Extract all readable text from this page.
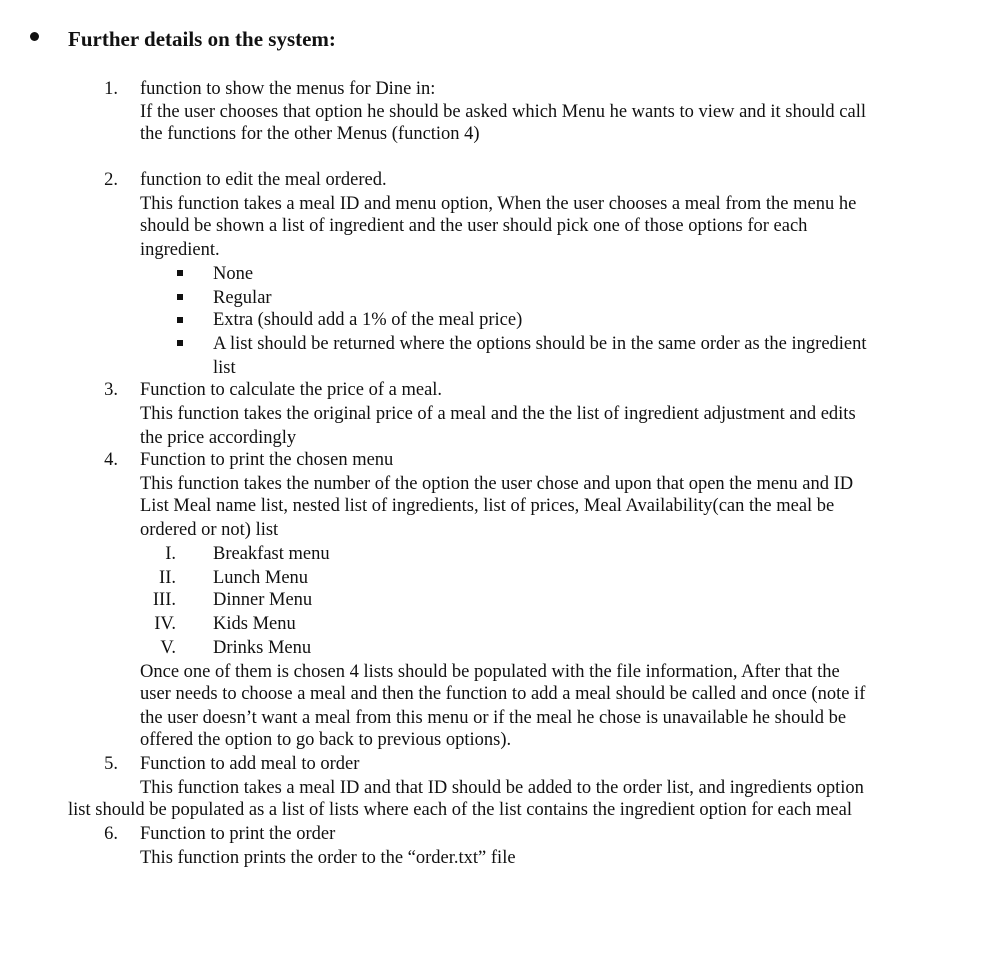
Further details on the system:
1. function to show the menus for Dine in:
If the user chooses that option he should be asked which Menu he wants to view and it should call
the functions for the other Menus (function 4)
2. function to edit the meal ordered.
This function takes a meal ID and menu option, When the user chooses a meal from the menu he
should be shown a list of ingredient and the user should pick one of those options for each
ingredient.
None
Regular
Extra (should add a 1% of the meal price)
A list should be returned where the options should be in the same order as the ingredient
list
3. Function to calculate the price of a meal.
This function takes the original price of a meal and the the list of ingredient adjustment and edits
the price accordingly
4. Function to print the chosen menu
This function takes the number of the option the user chose and upon that open the menu and ID
List Meal name list, nested list of ingredients, list of prices, Meal Availability(can the meal be
ordered or not) list
I. Breakfast menu
II. Lunch Menu
III. Dinner Menu
IV. Kids Menu
V. Drinks Menu
Once one of them is chosen 4 lists should be populated with the file information, After that the
user needs to choose a meal and then the function to add a meal should be called and once (note if
the user doesn’t want a meal from this menu or if the meal he chose is unavailable he should be
offered the option to go back to previous options).
5. Function to add meal to order
This function takes a meal ID and that ID should be added to the order list, and ingredients option
list should be populated as a list of lists where each of the list contains the ingredient option for each meal
6. Function to print the order
This function prints the order to the “order.txt” file
